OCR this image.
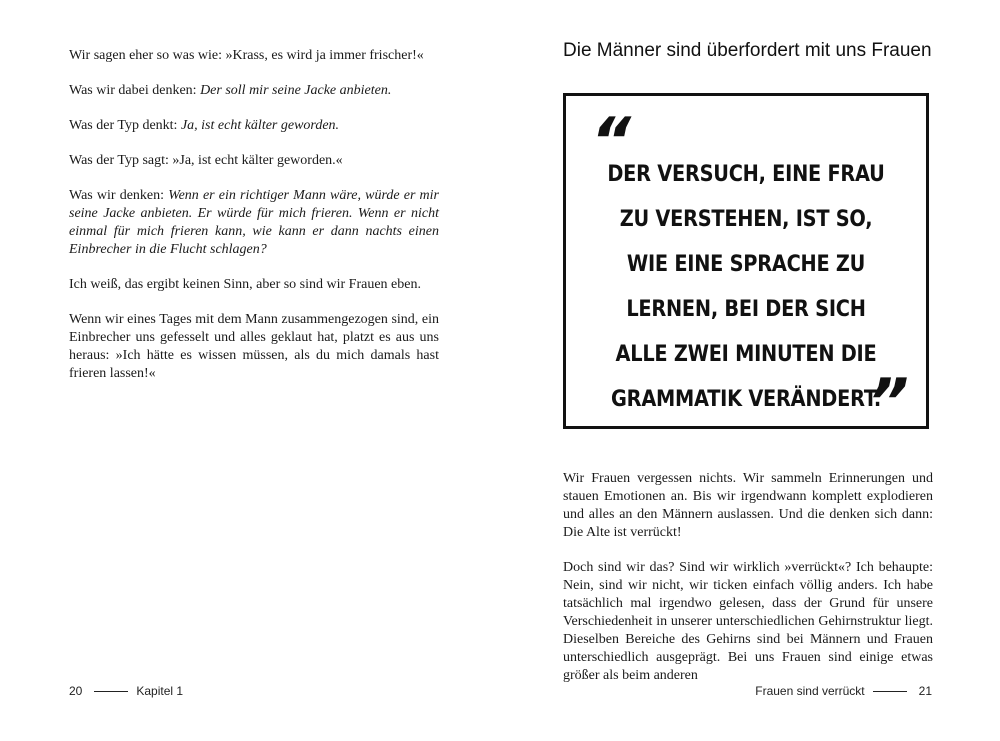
Wir sagen eher so was wie: »Krass, es wird ja immer frischer!«

Was wir dabei denken: Der soll mir seine Jacke anbieten.

Was der Typ denkt: Ja, ist echt kälter geworden.

Was der Typ sagt: »Ja, ist echt kälter geworden.«

Was wir denken: Wenn er ein richtiger Mann wäre, würde er mir seine Jacke anbieten. Er würde für mich frieren. Wenn er nicht einmal für mich frieren kann, wie kann er dann nachts einen Einbrecher in die Flucht schlagen?

Ich weiß, das ergibt keinen Sinn, aber so sind wir Frauen eben.

Wenn wir eines Tages mit dem Mann zusammengezogen sind, ein Einbrecher uns gefesselt und alles geklaut hat, platzt es aus uns heraus: »Ich hätte es wissen müssen, als du mich damals hast frieren lassen!«

20	Kapitel 1
Die Männer sind überfordert mit uns Frauen
“
DER VERSUCH, EINE FRAU ZU VERSTEHEN, IST SO, WIE EINE SPRACHE ZU LERNEN, BEI DER SICH ALLE ZWEI MINUTEN DIE GRAMMATIK VERÄNDERT.
”

Wir Frauen vergessen nichts. Wir sammeln Erinnerungen und stauen Emotionen an. Bis wir irgendwann komplett explodieren und alles an den Männern auslassen. Und die denken sich dann: Die Alte ist verrückt!

Doch sind wir das? Sind wir wirklich »verrückt«? Ich behaupte: Nein, sind wir nicht, wir ticken einfach völlig anders. Ich habe tatsächlich mal irgendwo gelesen, dass der Grund für unsere Verschiedenheit in unserer unterschiedlichen Gehirnstruktur liegt. Dieselben Bereiche des Gehirns sind bei Männern und Frauen unterschiedlich ausgeprägt. Bei uns Frauen sind einige etwas größer als beim anderen

Frauen sind verrückt	21
